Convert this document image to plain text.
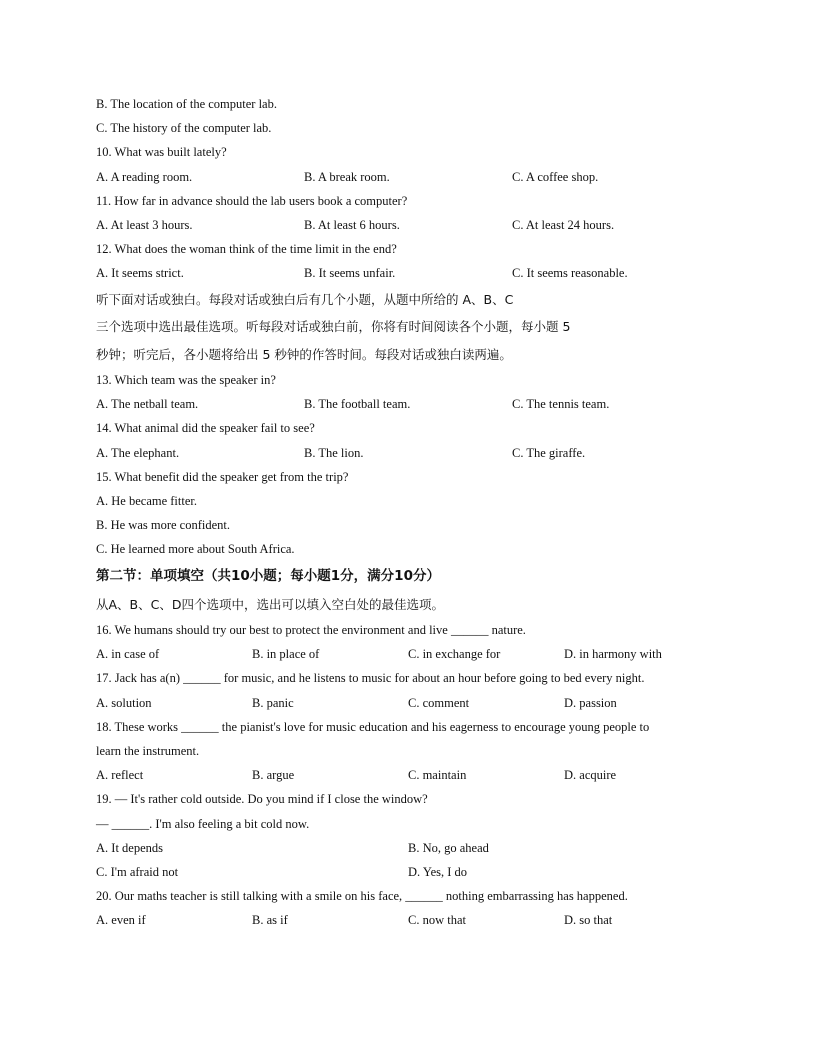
B. The location of the computer lab.
C. The history of the computer lab.
10. What was built lately?
A. A reading room.	B. A break room.	C. A coffee shop.
11. How far in advance should the lab users book a computer?
A. At least 3 hours.	B. At least 6 hours.	C. At least 24 hours.
12. What does the woman think of the time limit in the end?
A. It seems strict.	B. It seems unfair.	C. It seems reasonable.
听下面对话或独白。每段对话或独白后有几个小题，从题中所给的 A、B、C
三个选项中选出最佳选项。听每段对话或独白前，你将有时间阅读各个小题，每小题 5
秒钟；听完后，各小题将给出 5 秒钟的作答时间。每段对话或独白读两遍。
13. Which team was the speaker in?
A. The netball team.	B. The football team.	C. The tennis team.
14. What animal did the speaker fail to see?
A. The elephant.	B. The lion.	C. The giraffe.
15. What benefit did the speaker get from the trip?
A. He became fitter.
B. He was more confident.
C. He learned more about South Africa.
第二节：单项填空（共10小题；每小题1分，满分10分）
从A、B、C、D四个选项中，选出可以填入空白处的最佳选项。
16. We humans should try our best to protect the environment and live ______ nature.
A. in case of	B. in place of	C. in exchange for	D. in harmony with
17. Jack has a(n) ______ for music, and he listens to music for about an hour before going to bed every night.
A. solution	B. panic	C. comment	D. passion
18. These works ______ the pianist's love for music education and his eagerness to encourage young people to
learn the instrument.
A. reflect	B. argue	C. maintain	D. acquire
19. — It's rather cold outside. Do you mind if I close the window?
— ______. I'm also feeling a bit cold now.
A. It depends	B. No, go ahead
C. I'm afraid not	D. Yes, I do
20. Our maths teacher is still talking with a smile on his face, ______ nothing embarrassing has happened.
A. even if	B. as if	C. now that	D. so that
